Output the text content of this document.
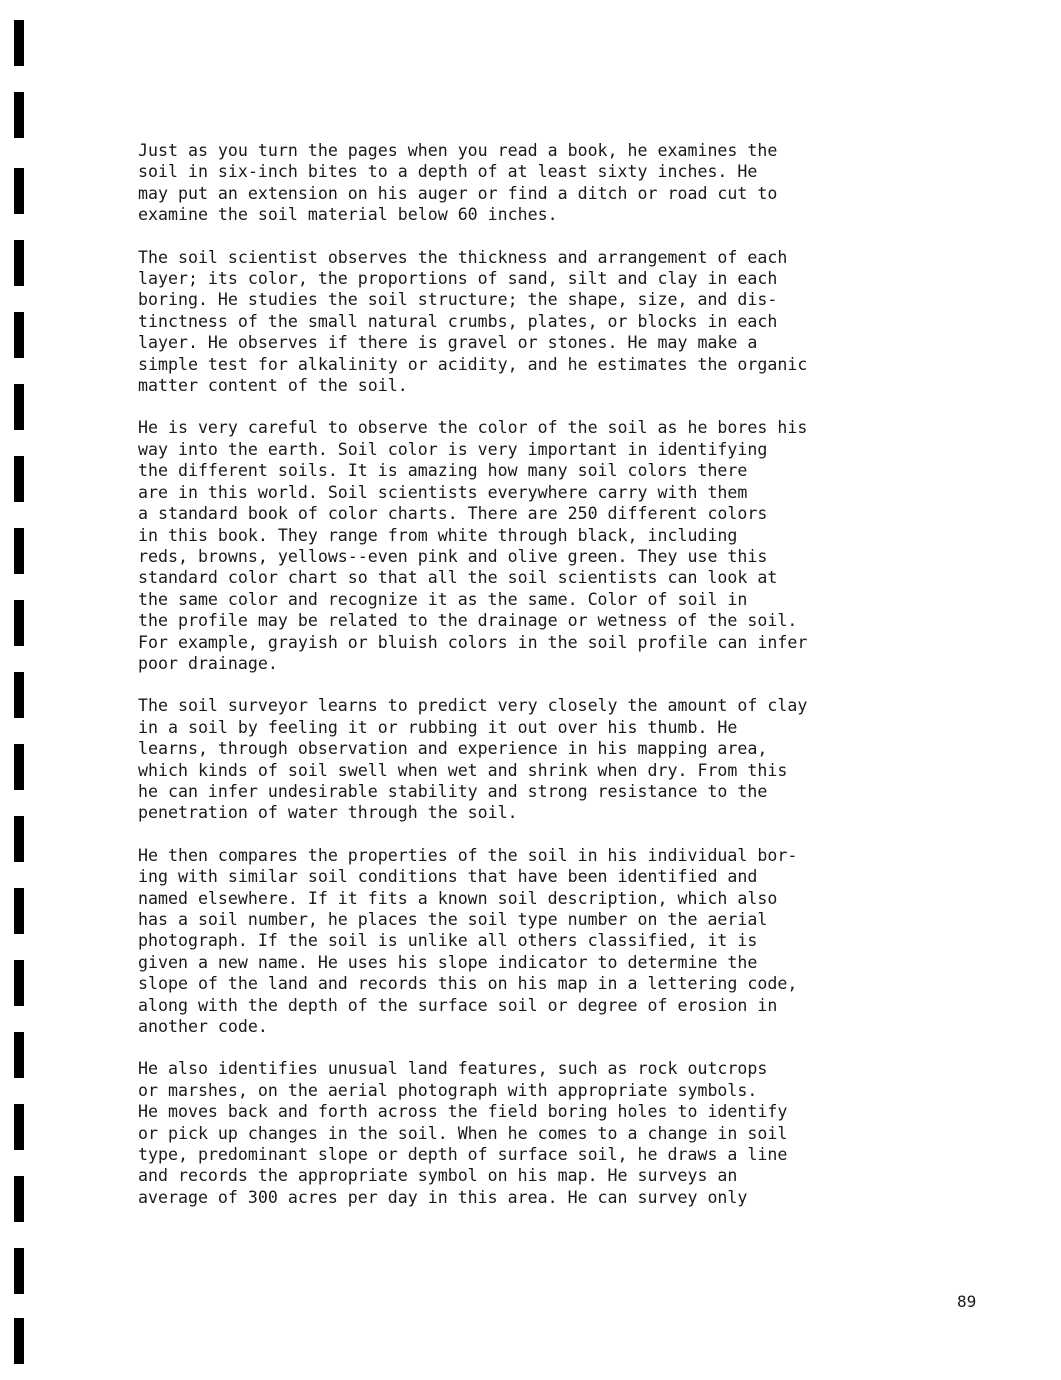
Just as you turn the pages when you read a book, he examines the
soil in six-inch bites to a depth of at least sixty inches. He
may put an extension on his auger or find a ditch or road cut to
examine the soil material below 60 inches.
The soil scientist observes the thickness and arrangement of each
layer; its color, the proportions of sand, silt and clay in each
boring. He studies the soil structure; the shape, size, and dis-
tinctness of the small natural crumbs, plates, or blocks in each
layer. He observes if there is gravel or stones. He may make a
simple test for alkalinity or acidity, and he estimates the organic
matter content of the soil.
He is very careful to observe the color of the soil as he bores his
way into the earth. Soil color is very important in identifying
the different soils. It is amazing how many soil colors there
are in this world. Soil scientists everywhere carry with them
a standard book of color charts. There are 250 different colors
in this book. They range from white through black, including
reds, browns, yellows--even pink and olive green. They use this
standard color chart so that all the soil scientists can look at
the same color and recognize it as the same. Color of soil in
the profile may be related to the drainage or wetness of the soil.
For example, grayish or bluish colors in the soil profile can infer
poor drainage.
The soil surveyor learns to predict very closely the amount of clay
in a soil by feeling it or rubbing it out over his thumb. He
learns, through observation and experience in his mapping area,
which kinds of soil swell when wet and shrink when dry. From this
he can infer undesirable stability and strong resistance to the
penetration of water through the soil.
He then compares the properties of the soil in his individual bor-
ing with similar soil conditions that have been identified and
named elsewhere. If it fits a known soil description, which also
has a soil number, he places the soil type number on the aerial
photograph. If the soil is unlike all others classified, it is
given a new name. He uses his slope indicator to determine the
slope of the land and records this on his map in a lettering code,
along with the depth of the surface soil or degree of erosion in
another code.
He also identifies unusual land features, such as rock outcrops
or marshes, on the aerial photograph with appropriate symbols.
He moves back and forth across the field boring holes to identify
or pick up changes in the soil. When he comes to a change in soil
type, predominant slope or depth of surface soil, he draws a line
and records the appropriate symbol on his map. He surveys an
average of 300 acres per day in this area. He can survey only
89
